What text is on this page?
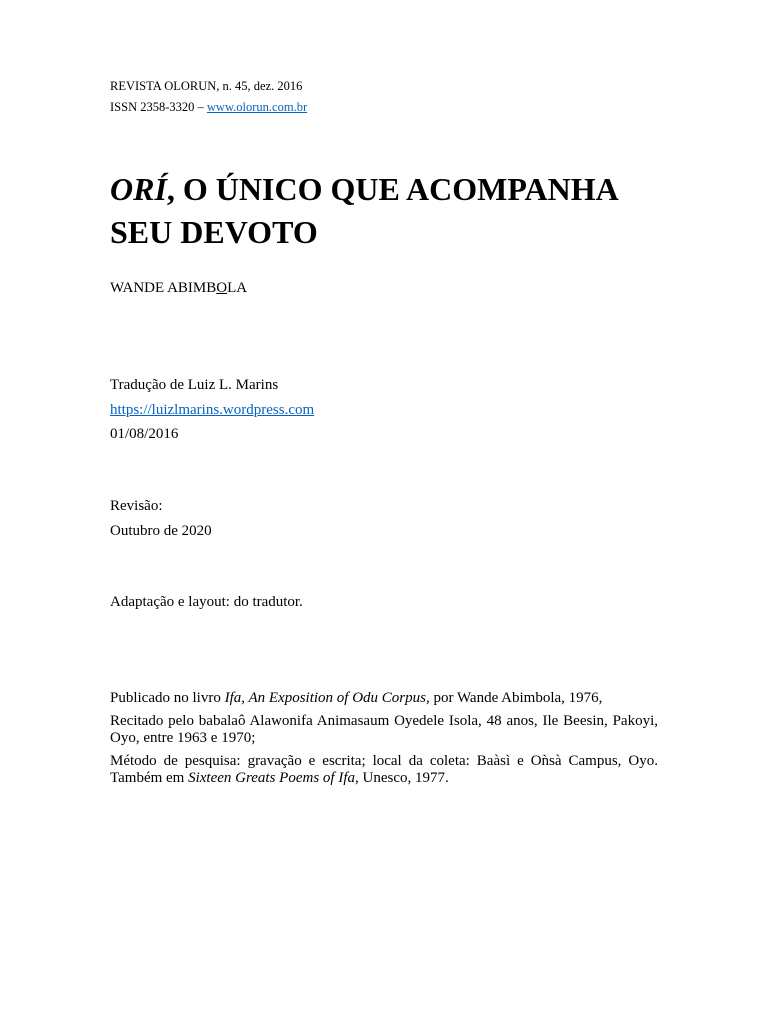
REVISTA OLORUN, n. 45, dez. 2016
ISSN 2358-3320 – www.olorun.com.br
ORÍ, O ÚNICO QUE ACOMPANHA SEU DEVOTO
WANDE ABIMBOLA
Tradução de Luiz L. Marins
https://luizlmarins.wordpress.com
01/08/2016
Revisão:
Outubro de 2020
Adaptação e layout: do tradutor.

Publicado no livro Ifa, An Exposition of Odu Corpus, por Wande Abimbola, 1976,

Recitado pelo babalaô Alawonifa Animasaum Oyedele Isola, 48 anos, Ile Beesin, Pakoyi, Oyo, entre 1963 e 1970;

Método de pesquisa: gravação e escrita; local da coleta: Baàsì e Oǹsà Campus, Oyo. Também em Sixteen Greats Poems of Ifa, Unesco, 1977.
